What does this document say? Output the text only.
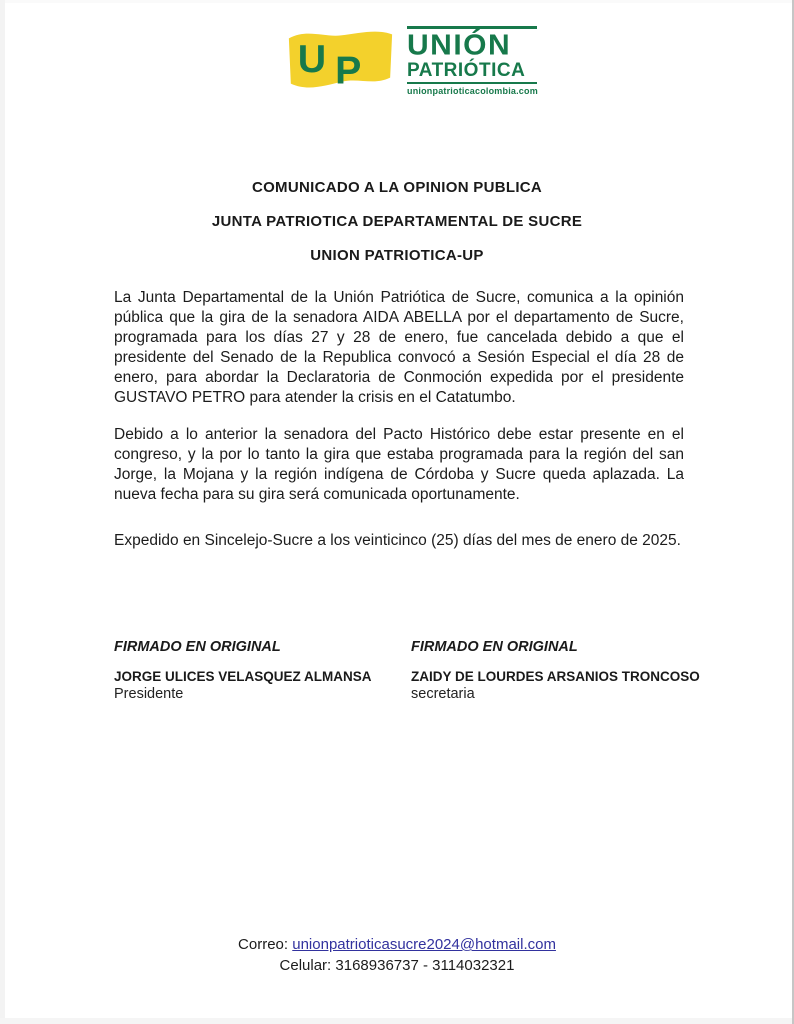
U P
UNIÓN
PATRIÓTICA
unionpatrioticacolombia.com
COMUNICADO A LA OPINION PUBLICA
JUNTA PATRIOTICA DEPARTAMENTAL DE SUCRE
UNION PATRIOTICA-UP

La Junta Departamental de la Unión Patriótica de Sucre, comunica a la opinión pública que la gira de la senadora AIDA ABELLA por el departamento de Sucre, programada para los días 27 y 28 de enero, fue cancelada debido a que el presidente del Senado de la Republica convocó a Sesión Especial el día 28 de enero, para abordar la Declaratoria de Conmoción expedida por el presidente GUSTAVO PETRO para atender la crisis en el Catatumbo.

Debido a lo anterior la senadora del Pacto Histórico debe estar presente en el congreso, y la por lo tanto la gira que estaba programada para la región del san Jorge, la Mojana y la región indígena de Córdoba y Sucre queda aplazada. La nueva fecha para su gira será comunicada oportunamente.

Expedido en Sincelejo-Sucre a los veinticinco (25) días del mes de enero de 2025.

FIRMADO EN ORIGINAL
JORGE ULICES VELASQUEZ ALMANSA
Presidente
FIRMADO EN ORIGINAL
ZAIDY DE LOURDES ARSANIOS TRONCOSO
secretaria
Correo: unionpatrioticasucre2024@hotmail.com
Celular: 3168936737 - 3114032321
